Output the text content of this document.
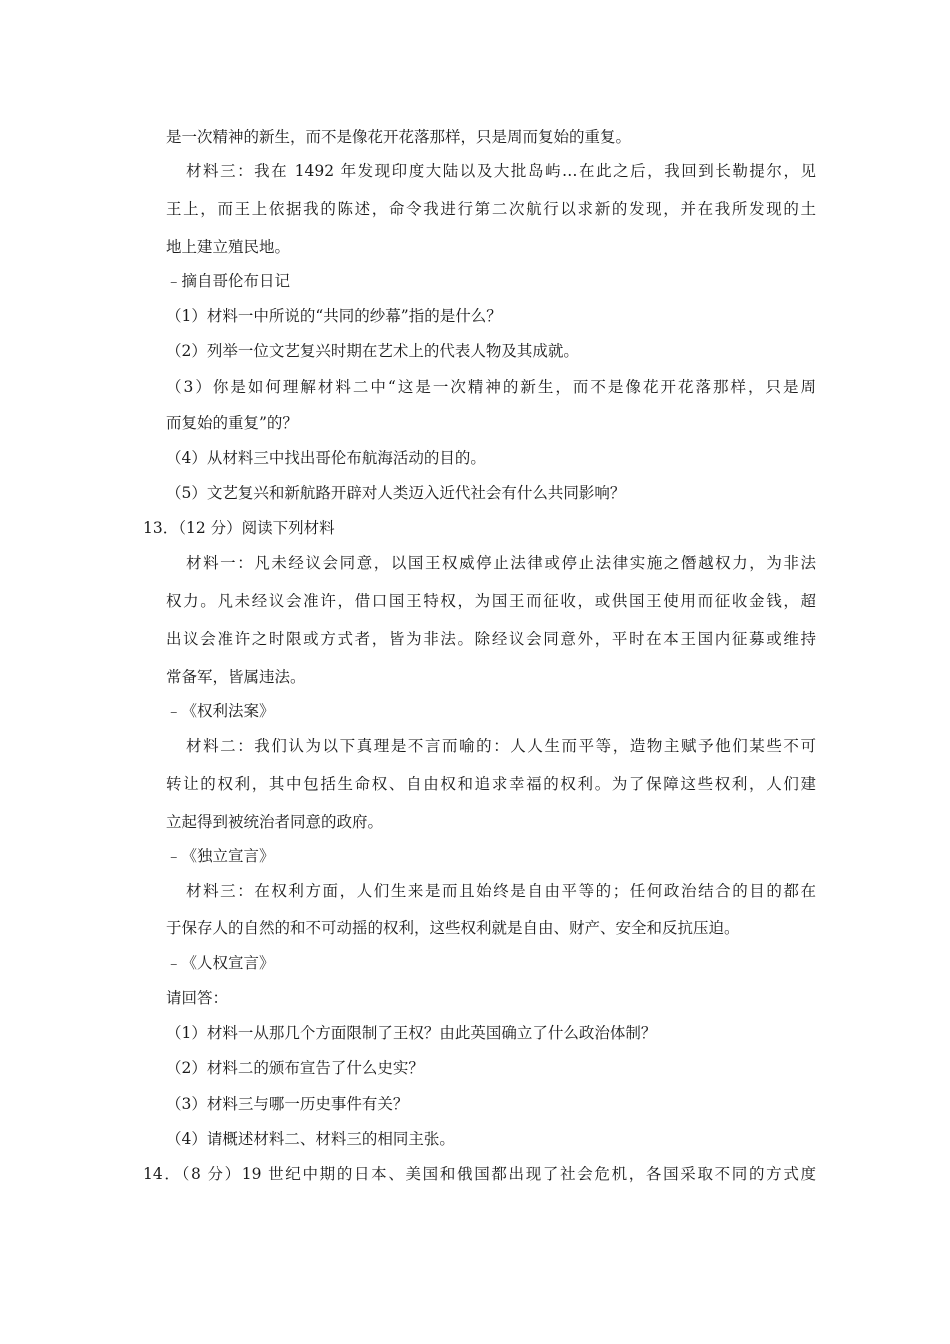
是一次精神的新生，而不是像花开花落那样，只是周而复始的重复。
材料三：我在 1492 年发现印度大陆以及大批岛屿…在此之后，我回到长勒提尔，见
王上，而王上依据我的陈述，命令我进行第二次航行以求新的发现，并在我所发现的土
地上建立殖民地。
﹣摘自哥伦布日记
（1）材料一中所说的“共同的纱幕”指的是什么？
（2）列举一位文艺复兴时期在艺术上的代表人物及其成就。
（3）你是如何理解材料二中“这是一次精神的新生，而不是像花开花落那样，只是周
而复始的重复”的？
（4）从材料三中找出哥伦布航海活动的目的。
（5）文艺复兴和新航路开辟对人类迈入近代社会有什么共同影响？
13．（12 分）阅读下列材料
材料一：凡未经议会同意，以国王权威停止法律或停止法律实施之僭越权力，为非法
权力。凡未经议会准许，借口国王特权，为国王而征收，或供国王使用而征收金钱，超
出议会准许之时限或方式者，皆为非法。除经议会同意外，平时在本王国内征募或维持
常备军，皆属违法。
﹣《权利法案》
材料二：我们认为以下真理是不言而喻的：人人生而平等，造物主赋予他们某些不可
转让的权利，其中包括生命权、自由权和追求幸福的权利。为了保障这些权利，人们建
立起得到被统治者同意的政府。
﹣《独立宣言》
材料三：在权利方面，人们生来是而且始终是自由平等的；任何政治结合的目的都在
于保存人的自然的和不可动摇的权利，这些权利就是自由、财产、安全和反抗压迫。
﹣《人权宣言》
请回答：
（1）材料一从那几个方面限制了王权？由此英国确立了什么政治体制？
（2）材料二的颁布宣告了什么史实？
（3）材料三与哪一历史事件有关？
（4）请概述材料二、材料三的相同主张。
14．（8 分）19 世纪中期的日本、美国和俄国都出现了社会危机，各国采取不同的方式度
